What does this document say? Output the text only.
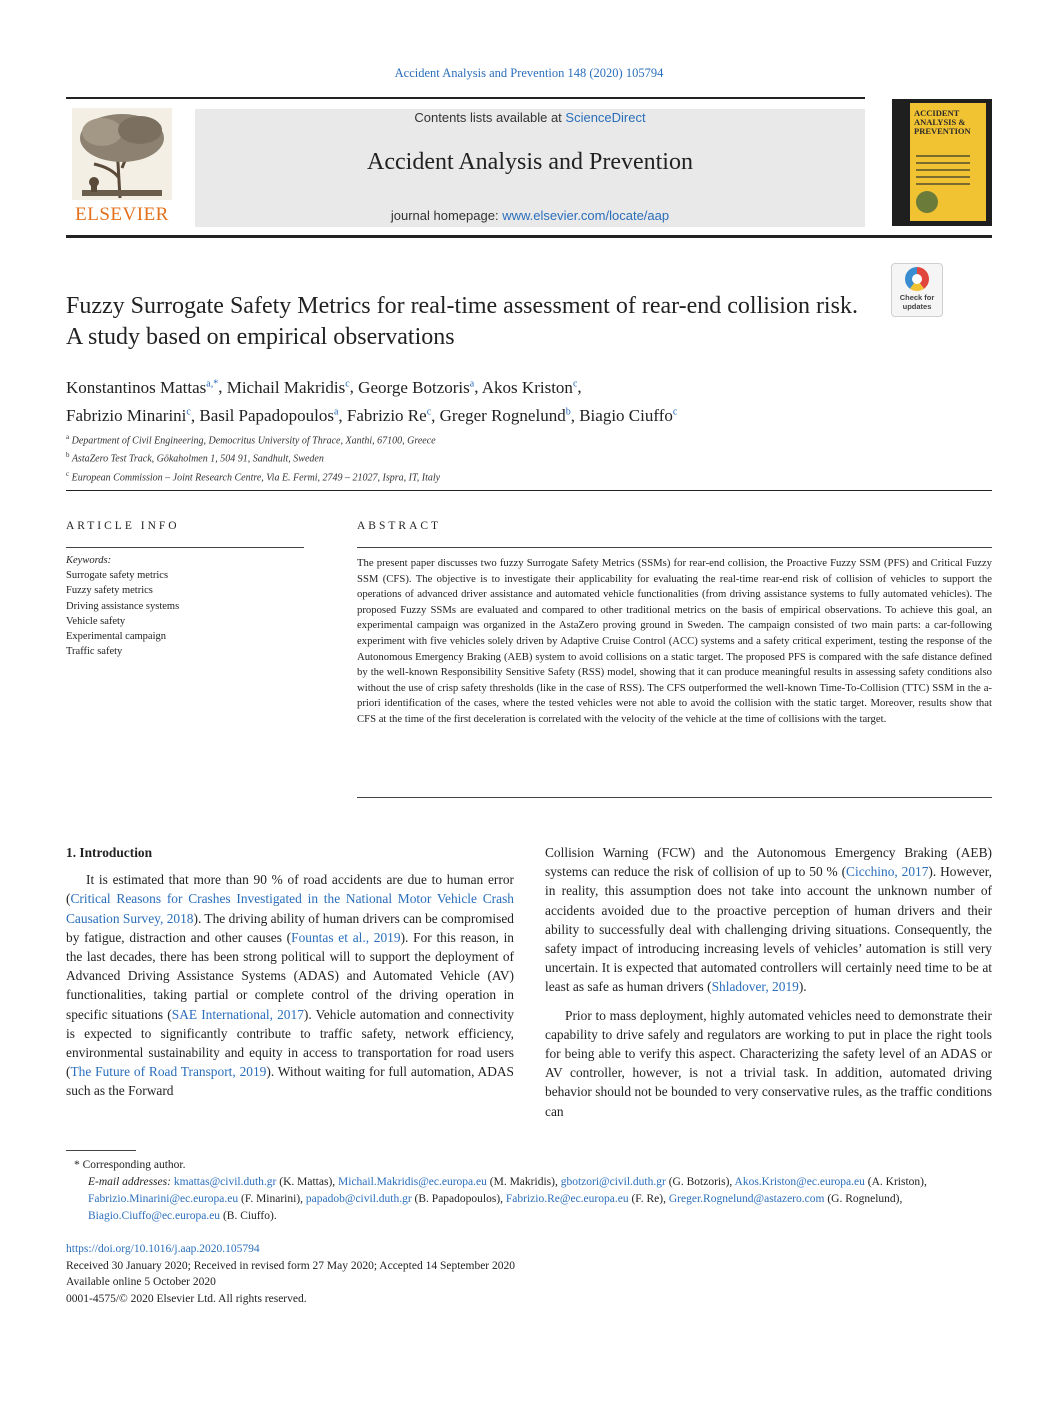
Accident Analysis and Prevention 148 (2020) 105794
ELSEVIER
Contents lists available at ScienceDirect
Accident Analysis and Prevention
journal homepage: www.elsevier.com/locate/aap
ACCIDENT ANALYSIS & PREVENTION
Check for updates
Fuzzy Surrogate Safety Metrics for real-time assessment of rear-end collision risk. A study based on empirical observations
Konstantinos Mattas$^{a,*}$, Michail Makridis$^c$, George Botzoris$^a$, Akos Kriston$^c$,
Fabrizio Minarini$^c$, Basil Papadopoulos$^a$, Fabrizio Re$^c$, Greger Rognelund$^b$, Biagio Ciuffo$^c$
$^a$ Department of Civil Engineering, Democritus University of Thrace, Xanthi, 67100, Greece
$^b$ AstaZero Test Track, Gökaholmen 1, 504 91, Sandhult, Sweden
$^c$ European Commission – Joint Research Centre, Via E. Fermi, 2749 – 21027, Ispra, IT, Italy
ARTICLE INFO
Keywords:
Surrogate safety metrics
Fuzzy safety metrics
Driving assistance systems
Vehicle safety
Experimental campaign
Traffic safety
ABSTRACT
The present paper discusses two fuzzy Surrogate Safety Metrics (SSMs) for rear-end collision, the Proactive Fuzzy SSM (PFS) and Critical Fuzzy SSM (CFS). The objective is to investigate their applicability for evaluating the real-time rear-end risk of collision of vehicles to support the operations of advanced driver assistance and automated vehicle functionalities (from driving assistance systems to fully automated vehicles). The proposed Fuzzy SSMs are evaluated and compared to other traditional metrics on the basis of empirical observations. To achieve this goal, an experimental campaign was organized in the AstaZero proving ground in Sweden. The campaign consisted of two main parts: a car-following experiment with five vehicles solely driven by Adaptive Cruise Control (ACC) systems and a safety critical experiment, testing the response of the Autonomous Emergency Braking (AEB) system to avoid collisions on a static target. The proposed PFS is compared with the safe distance defined by the well-known Responsibility Sensitive Safety (RSS) model, showing that it can produce meaningful results in assessing safety conditions also without the use of crisp safety thresholds (like in the case of RSS). The CFS outperformed the well-known Time-To-Collision (TTC) SSM in the a-priori identification of the cases, where the tested vehicles were not able to avoid the collision with the static target. Moreover, results show that CFS at the time of the first deceleration is correlated with the velocity of the vehicle at the time of collisions with the target.

1. Introduction

It is estimated that more than 90 % of road accidents are due to human error (Critical Reasons for Crashes Investigated in the National Motor Vehicle Crash Causation Survey, 2018). The driving ability of human drivers can be compromised by fatigue, distraction and other causes (Fountas et al., 2019). For this reason, in the last decades, there has been strong political will to support the deployment of Advanced Driving Assistance Systems (ADAS) and Automated Vehicle (AV) functionalities, taking partial or complete control of the driving operation in specific situations (SAE International, 2017). Vehicle automation and connectivity is expected to significantly contribute to traffic safety, network efficiency, environmental sustainability and equity in access to transportation for road users (The Future of Road Transport, 2019). Without waiting for full automation, ADAS such as the Forward

Collision Warning (FCW) and the Autonomous Emergency Braking (AEB) systems can reduce the risk of collision of up to 50 % (Cicchino, 2017). However, in reality, this assumption does not take into account the unknown number of accidents avoided due to the proactive perception of human drivers and their ability to successfully deal with challenging driving situations. Consequently, the safety impact of introducing increasing levels of vehicles’ automation is still very uncertain. It is expected that automated controllers will certainly need time to be at least as safe as human drivers (Shladover, 2019).

Prior to mass deployment, highly automated vehicles need to demonstrate their capability to drive safely and regulators are working to put in place the right tools for being able to verify this aspect. Characterizing the safety level of an ADAS or AV controller, however, is not a trivial task. In addition, automated driving behavior should not be bounded to very conservative rules, as the traffic conditions can

* Corresponding author.
E-mail addresses: kmattas@civil.duth.gr (K. Mattas), Michail.Makridis@ec.europa.eu (M. Makridis), gbotzori@civil.duth.gr (G. Botzoris), Akos.Kriston@ec.europa.eu (A. Kriston), Fabrizio.Minarini@ec.europa.eu (F. Minarini), papadob@civil.duth.gr (B. Papadopoulos), Fabrizio.Re@ec.europa.eu (F. Re), Greger.Rognelund@astazero.com (G. Rognelund), Biagio.Ciuffo@ec.europa.eu (B. Ciuffo).
https://doi.org/10.1016/j.aap.2020.105794
Received 30 January 2020; Received in revised form 27 May 2020; Accepted 14 September 2020
Available online 5 October 2020
0001-4575/© 2020 Elsevier Ltd. All rights reserved.
